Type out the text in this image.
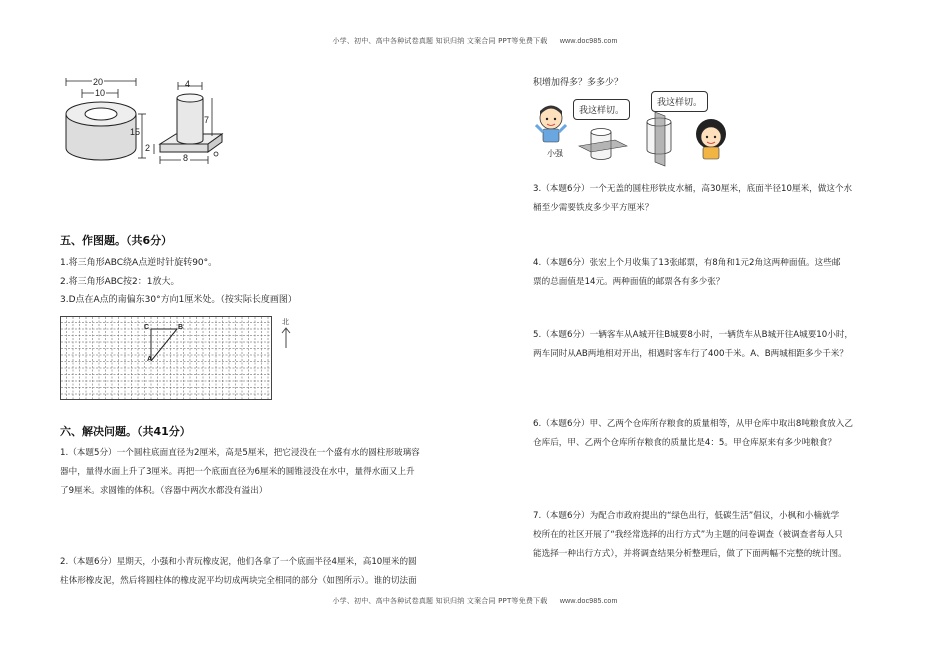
小学、初中、高中各种试卷真题 知识归纳 文案合同 PPT等免费下载 www.doc985.com
小学、初中、高中各种试卷真题 知识归纳 文案合同 PPT等免费下载 www.doc985.com
20
10
15
4
7
2
8
五、作图题。（共6分）
1.将三角形ABC绕A点逆时针旋转90°。
2.将三角形ABC按2：1放大。
3.D点在A点的南偏东30°方向1厘米处。（按实际长度画图）
C	B
A
北
六、解决问题。（共41分）
1.（本题5分）一个圆柱底面直径为2厘米，高是5厘米，把它浸没在一个盛有水的圆柱形玻璃容
器中，量得水面上升了3厘米。再把一个底面直径为6厘米的圆锥浸没在水中，量得水面又上升
了9厘米。求圆锥的体积。（容器中两次水都没有溢出）
2.（本题6分）星期天，小强和小青玩橡皮泥，他们各拿了一个底面半径4厘米，高10厘米的圆
柱体形橡皮泥，然后将圆柱体的橡皮泥平均切成两块完全相同的部分（如图所示）。谁的切法面
积增加得多？多多少？
我这样切。
我这样切。
小强
3.（本题6分）一个无盖的圆柱形铁皮水桶，高30厘米，底面半径10厘米，做这个水
桶至少需要铁皮多少平方厘米？
4.（本题6分）张宏上个月收集了13张邮票，有8角和1元2角这两种面值。这些邮
票的总面值是14元。两种面值的邮票各有多少张？
5.（本题6分）一辆客车从A城开往B城要8小时，一辆货车从B城开往A城要10小时，
两车同时从AB两地相对开出，相遇时客车行了400千米。A、B两城相距多少千米？
6.（本题6分）甲、乙两个仓库所存粮食的质量相等，从甲仓库中取出8吨粮食放入乙
仓库后，甲、乙两个仓库所存粮食的质量比是4：5。甲仓库原来有多少吨粮食？
7.（本题6分）为配合市政府提出的“绿色出行，低碳生活”倡议，小枫和小楠就学
校所在的社区开展了“我经常选择的出行方式”为主题的问卷调查（被调查者每人只
能选择一种出行方式），并将调查结果分析整理后，做了下面两幅不完整的统计图。
